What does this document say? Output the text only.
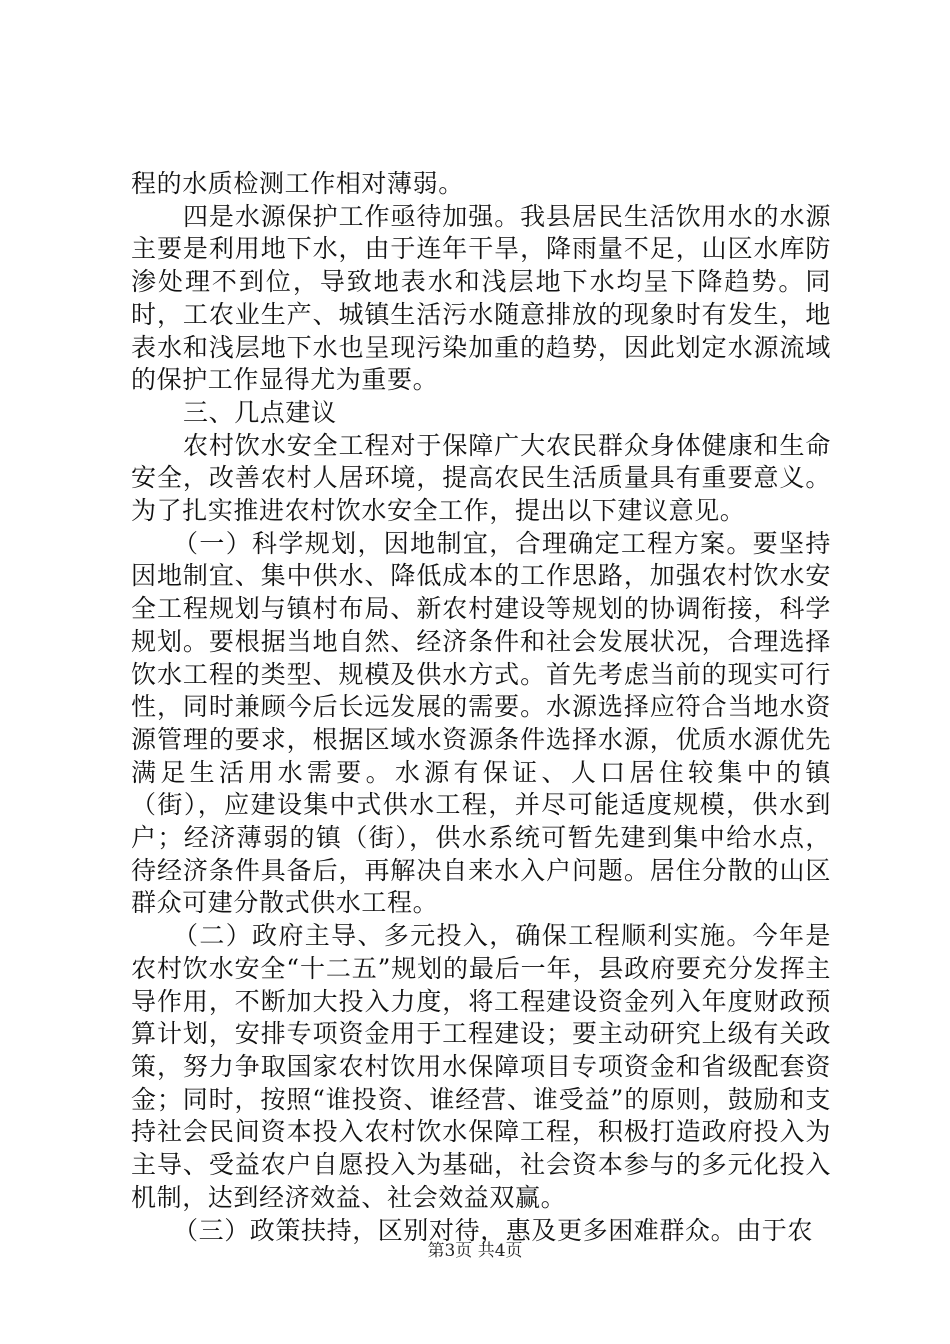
程的水质检测工作相对薄弱。

四是水源保护工作亟待加强。我县居民生活饮用水的水源主要是利用地下水，由于连年干旱，降雨量不足，山区水库防渗处理不到位，导致地表水和浅层地下水均呈下降趋势。同时，工农业生产、城镇生活污水随意排放的现象时有发生，地表水和浅层地下水也呈现污染加重的趋势，因此划定水源流域的保护工作显得尤为重要。

三、几点建议

农村饮水安全工程对于保障广大农民群众身体健康和生命安全，改善农村人居环境，提高农民生活质量具有重要意义。为了扎实推进农村饮水安全工作，提出以下建议意见。

（一）科学规划，因地制宜，合理确定工程方案。要坚持因地制宜、集中供水、降低成本的工作思路，加强农村饮水安全工程规划与镇村布局、新农村建设等规划的协调衔接，科学规划。要根据当地自然、经济条件和社会发展状况，合理选择饮水工程的类型、规模及供水方式。首先考虑当前的现实可行性，同时兼顾今后长远发展的需要。水源选择应符合当地水资源管理的要求，根据区域水资源条件选择水源，优质水源优先满足生活用水需要。水源有保证、人口居住较集中的镇（街），应建设集中式供水工程，并尽可能适度规模，供水到户；经济薄弱的镇（街），供水系统可暂先建到集中给水点，待经济条件具备后，再解决自来水入户问题。居住分散的山区群众可建分散式供水工程。

（二）政府主导、多元投入，确保工程顺利实施。今年是农村饮水安全“十二五”规划的最后一年，县政府要充分发挥主导作用，不断加大投入力度，将工程建设资金列入年度财政预算计划，安排专项资金用于工程建设；要主动研究上级有关政策，努力争取国家农村饮用水保障项目专项资金和省级配套资金；同时，按照“谁投资、谁经营、谁受益”的原则，鼓励和支持社会民间资本投入农村饮水保障工程，积极打造政府投入为主导、受益农户自愿投入为基础，社会资本参与的多元化投入机制，达到经济效益、社会效益双赢。

（三）政策扶持，区别对待，惠及更多困难群众。由于农

第3页 共4页
